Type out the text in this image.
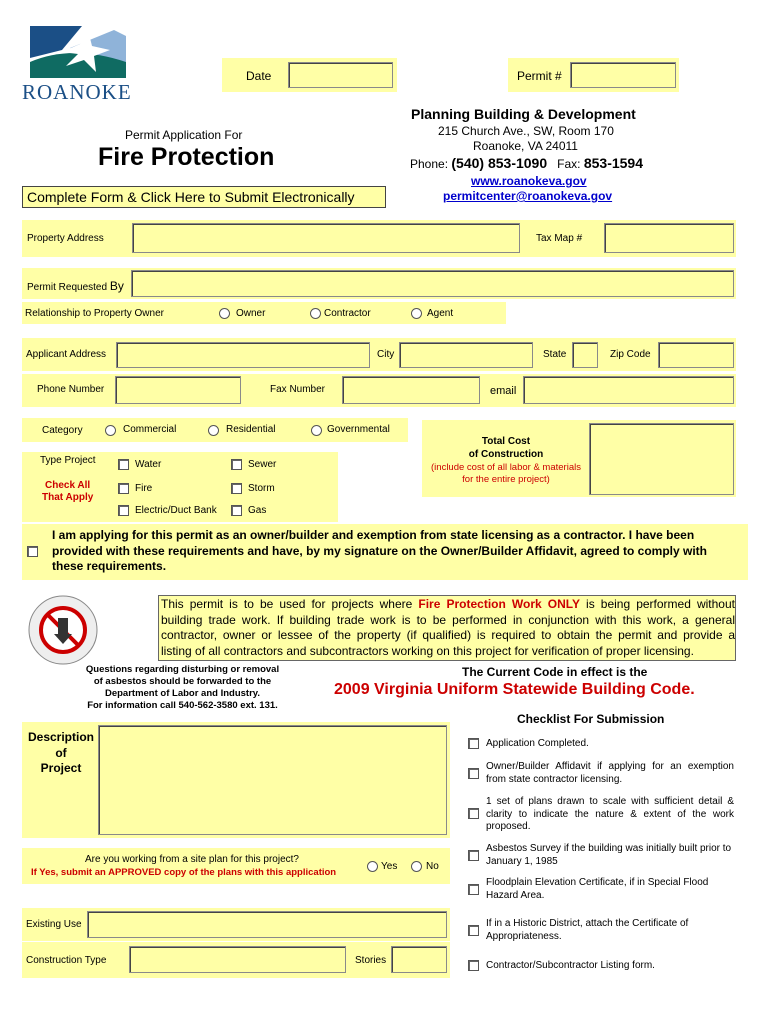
ROANOKE
Date	Permit #
Permit Application For
Fire Protection
Complete Form & Click Here to Submit Electronically
Planning Building & Development
215 Church Ave., SW, Room 170
Roanoke, VA 24011
Phone: (540) 853-1090 Fax: 853-1594
www.roanokeva.gov
permitcenter@roanokeva.gov
Property Address	Tax Map #
Permit Requested By
Relationship to Property Owner	Owner	Contractor	Agent
Applicant Address	City	State	Zip Code
Phone Number	Fax Number	email
Category	Commercial	Residential	Governmental
Total Cost
of Construction
(include cost of all labor & materials
for the entire project)
Type Project
Check All
That Apply
Water	Sewer
Fire	Storm
Electric/Duct Bank	Gas
I am applying for this permit as an owner/builder and exemption from state licensing as a contractor. I have been
provided with these requirements and have, by my signature on the Owner/Builder Affidavit, agreed to comply with
these requirements.
This permit is to be used for projects where Fire Protection Work ONLY is being performed without
building trade work. If building trade work is to be performed in conjunction with this work, a general
contractor, owner or lessee of the property (if qualified) is required to obtain the permit and provide a
listing of all contractors and subcontractors working on this project for verification of proper licensing.
Questions regarding disturbing or removal
of asbestos should be forwarded to the
Department of Labor and Industry.
For information call 540-562-3580 ext. 131.
The Current Code in effect is the
2009 Virginia Uniform Statewide Building Code.
Description
of
Project
Are you working from a site plan for this project?
If Yes, submit an APPROVED copy of the plans with this application
Yes	No
Existing Use
Construction Type	Stories
Checklist For Submission
Application Completed.
Owner/Builder Affidavit if applying for an exemption from state contractor licensing.
1 set of plans drawn to scale with sufficient detail & clarity to indicate the nature & extent of the work proposed.
Asbestos Survey if the building was initially built prior to January 1, 1985
Floodplain Elevation Certificate, if in Special Flood Hazard Area.
If in a Historic District, attach the Certificate of Appropriateness.
Contractor/Subcontractor Listing form.
